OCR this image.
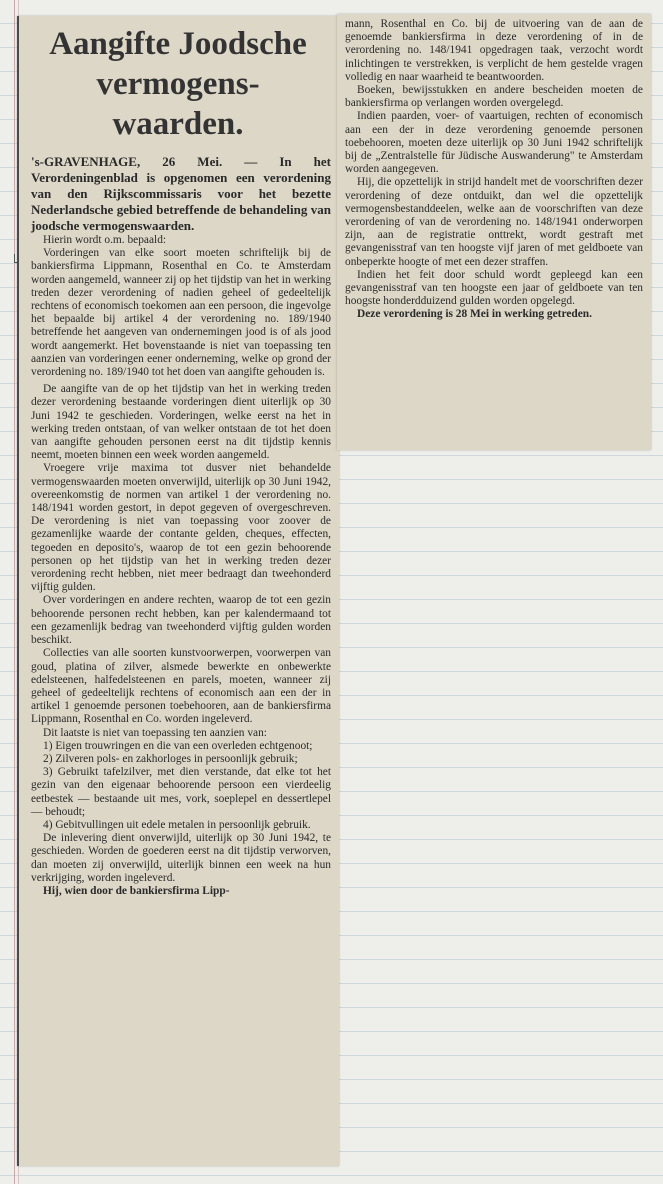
Aangifte Joodsche
vermogens-
waarden.

's-GRAVENHAGE, 26 Mei. — In het Verordeningenblad is opgenomen een verordening van den Rijkscommissaris voor het bezette Nederlandsche gebied betreffende de behandeling van joodsche vermogenswaarden.

Hierin wordt o.m. bepaald:

Vorderingen van elke soort moeten schriftelijk bij de bankiersfirma Lippmann, Rosenthal en Co. te Amsterdam worden aangemeld, wanneer zij op het tijdstip van het in werking treden dezer verordening of nadien geheel of gedeeltelijk rechtens of economisch toekomen aan een persoon, die ingevolge het bepaalde bij artikel 4 der verordening no. 189/1940 betreffende het aangeven van ondernemingen jood is of als jood wordt aangemerkt. Het bovenstaande is niet van toepassing ten aanzien van vorderingen eener onderneming, welke op grond der verordening no. 189/1940 tot het doen van aangifte gehouden is.

De aangifte van de op het tijdstip van het in werking treden dezer verordening bestaande vorderingen dient uiterlijk op 30 Juni 1942 te geschieden. Vorderingen, welke eerst na het in werking treden ontstaan, of van welker ontstaan de tot het doen van aangifte gehouden personen eerst na dit tijdstip kennis neemt, moeten binnen een week worden aangemeld.

Vroegere vrije maxima tot dusver niet behandelde vermogenswaarden moeten onverwijld, uiterlijk op 30 Juni 1942, overeenkomstig de normen van artikel 1 der verordening no. 148/1941 worden gestort, in depot gegeven of overgeschreven. De verordening is niet van toepassing voor zoover de gezamenlijke waarde der contante gelden, cheques, effecten, tegoeden en deposito's, waarop de tot een gezin behoorende personen op het tijdstip van het in werking treden dezer verordening recht hebben, niet meer bedraagt dan tweehonderd vijftig gulden.

Over vorderingen en andere rechten, waarop de tot een gezin behoorende personen recht hebben, kan per kalendermaand tot een gezamenlijk bedrag van tweehonderd vijftig gulden worden beschikt.

Collecties van alle soorten kunstvoorwerpen, voorwerpen van goud, platina of zilver, alsmede bewerkte en onbewerkte edelsteenen, halfedelsteenen en parels, moeten, wanneer zij geheel of gedeeltelijk rechtens of economisch aan een der in artikel 1 genoemde personen toebehooren, aan de bankiersfirma Lippmann, Rosenthal en Co. worden ingeleverd.

Dit laatste is niet van toepassing ten aanzien van:

1) Eigen trouwringen en die van een overleden echtgenoot;

2) Zilveren pols- en zakhorloges in persoonlijk gebruik;

3) Gebruikt tafelzilver, met dien verstande, dat elke tot het gezin van den eigenaar behoorende persoon een vierdeelig eetbestek — bestaande uit mes, vork, soeplepel en dessertlepel — behoudt;

4) Gebitvullingen uit edele metalen in persoonlijk gebruik.

De inlevering dient onverwijld, uiterlijk op 30 Juni 1942, te geschieden. Worden de goederen eerst na dit tijdstip verworven, dan moeten zij onverwijld, uiterlijk binnen een week na hun verkrijging, worden ingeleverd.

Hij, wien door de bankiersfirma Lipp-

mann, Rosenthal en Co. bij de uitvoering van de aan de genoemde bankiersfirma in deze verordening of in de verordening no. 148/1941 opgedragen taak, verzocht wordt inlichtingen te verstrekken, is verplicht de hem gestelde vragen volledig en naar waarheid te beantwoorden.

Boeken, bewijsstukken en andere bescheiden moeten de bankiersfirma op verlangen worden overgelegd.

Indien paarden, voer- of vaartuigen, rechten of economisch aan een der in deze verordening genoemde personen toebehooren, moeten deze uiterlijk op 30 Juni 1942 schriftelijk bij de „Zentralstelle für Jüdische Auswanderung" te Amsterdam worden aangegeven.

Hij, die opzettelijk in strijd handelt met de voorschriften dezer verordening of deze ontduikt, dan wel die opzettelijk vermogensbestanddeelen, welke aan de voorschriften van deze verordening of van de verordening no. 148/1941 onderworpen zijn, aan de registratie onttrekt, wordt gestraft met gevangenisstraf van ten hoogste vijf jaren of met geldboete van onbeperkte hoogte of met een dezer straffen.

Indien het feit door schuld wordt gepleegd kan een gevangenisstraf van ten hoogste een jaar of geldboete van ten hoogste honderdduizend gulden worden opgelegd.

Deze verordening is 28 Mei in werking getreden.
